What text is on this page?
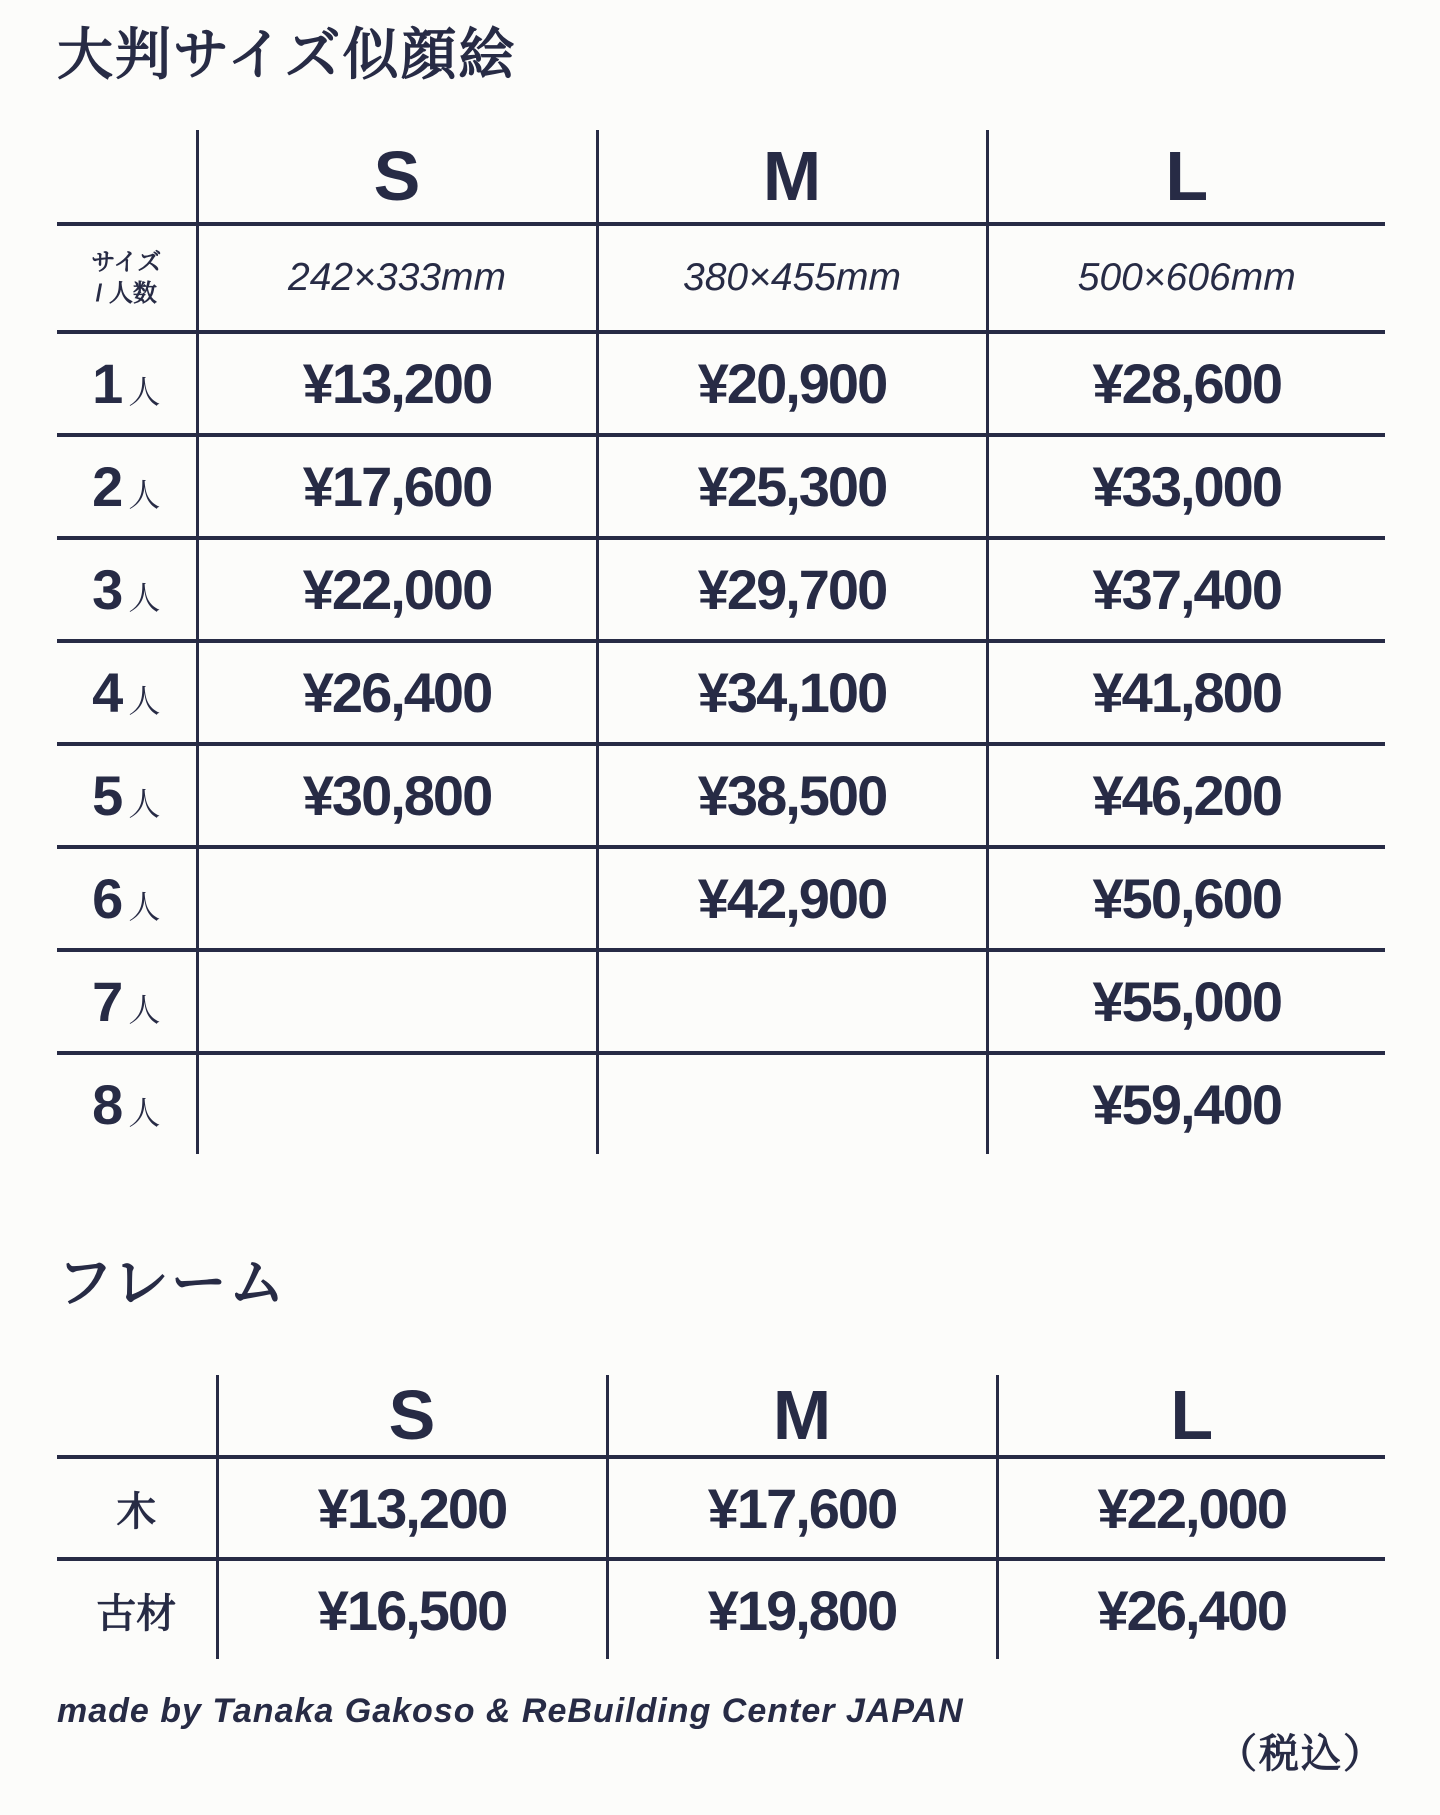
大判サイズ似顔絵
	S	M	L
サイズ
/ 人数	242×333mm	380×455mm	500×606mm
1 人	¥13,200	¥20,900	¥28,600
2 人	¥17,600	¥25,300	¥33,000
3 人	¥22,000	¥29,700	¥37,400
4 人	¥26,400	¥34,100	¥41,800
5 人	¥30,800	¥38,500	¥46,200
6 人		¥42,900	¥50,600
7 人			¥55,000
8 人			¥59,400
フレーム
	S	M	L
木	¥13,200	¥17,600	¥22,000
古材	¥16,500	¥19,800	¥26,400
made by Tanaka Gakoso & ReBuilding Center JAPAN
（税込）
